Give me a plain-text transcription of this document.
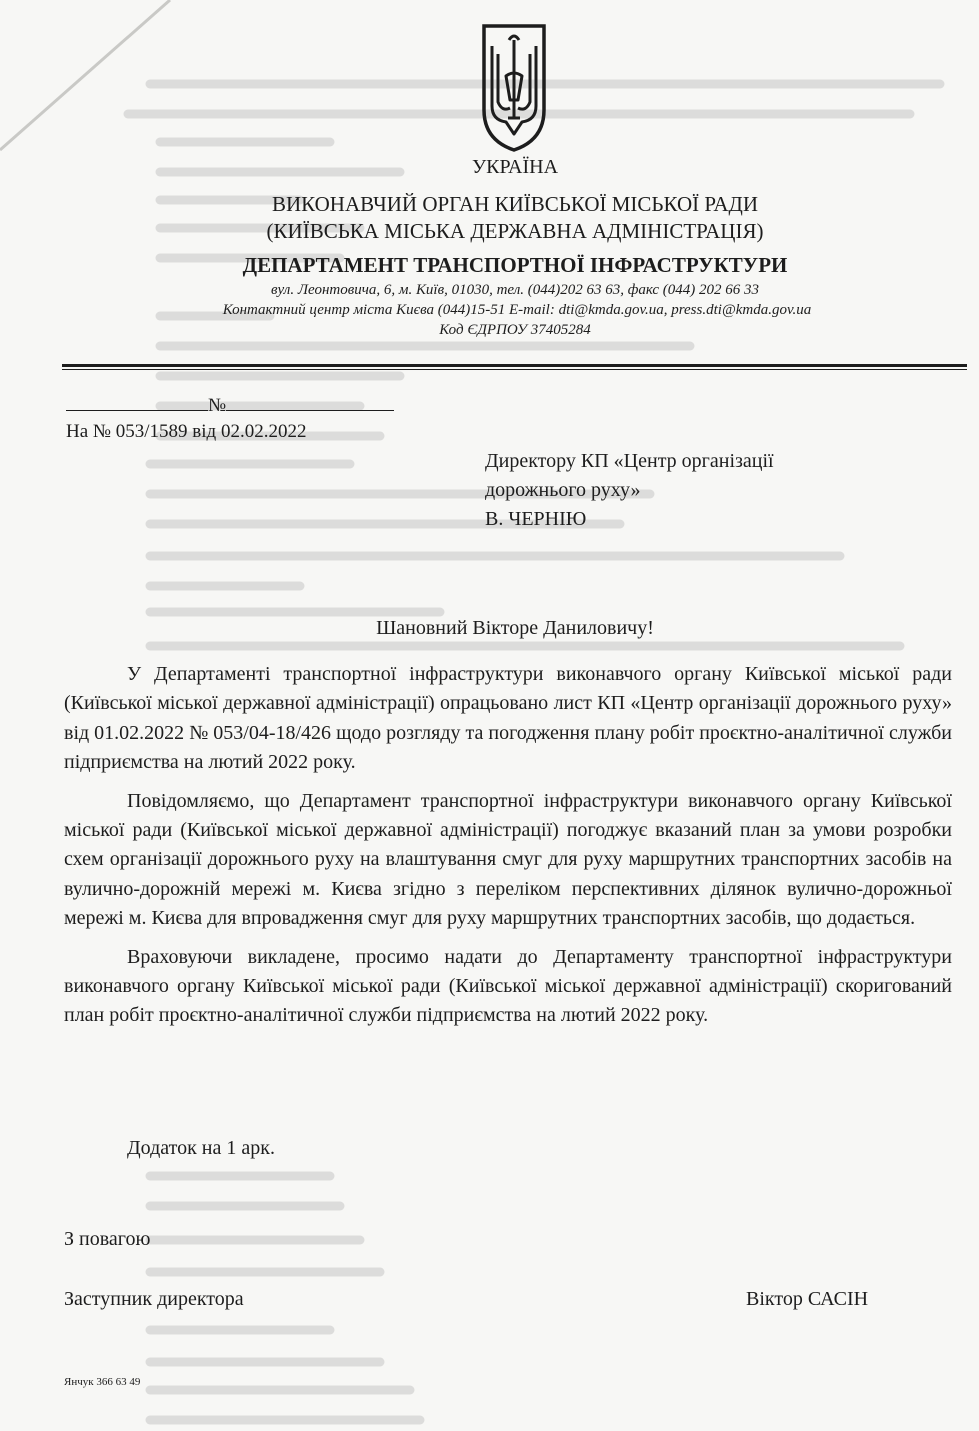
УКРАЇНА
ВИКОНАВЧИЙ ОРГАН КИЇВСЬКОЇ МІСЬКОЇ РАДИ
(КИЇВСЬКА МІСЬКА ДЕРЖАВНА АДМІНІСТРАЦІЯ)
ДЕПАРТАМЕНТ ТРАНСПОРТНОЇ ІНФРАСТРУКТУРИ
вул. Леонтовича, 6, м. Київ, 01030, тел. (044)202 63 63, факс (044) 202 66 33
Контактний центр міста Києва (044)15-51 E-mail: dti@kmda.gov.ua, press.dti@kmda.gov.ua
Код ЄДРПОУ 37405284
№
На № 053/1589 від 02.02.2022
Директору КП «Центр організації
дорожнього руху»
В. ЧЕРНІЮ
Шановний Вікторе Даниловичу!

У Департаменті транспортної інфраструктури виконавчого органу Київської міської ради (Київської міської державної адміністрації) опрацьовано лист КП «Центр організації дорожнього руху» від 01.02.2022 № 053/04-18/426 щодо розгляду та погодження плану робіт проєктно-аналітичної служби підприємства на лютий 2022 року.

Повідомляємо, що Департамент транспортної інфраструктури виконавчого органу Київської міської ради (Київської міської державної адміністрації) погоджує вказаний план за умови розробки схем організації дорожнього руху на влаштування смуг для руху маршрутних транспортних засобів на вулично-дорожній мережі м. Києва згідно з переліком перспективних ділянок вулично-дорожньої мережі м. Києва для впровадження смуг для руху маршрутних транспортних засобів, що додається.

Враховуючи викладене, просимо надати до Департаменту транспортної інфраструктури виконавчого органу Київської міської ради (Київської міської державної адміністрації) скоригований план робіт проєктно-аналітичної служби підприємства на лютий 2022 року.

Додаток на 1 арк.
З повагою
Заступник директора	Віктор САСІН
Янчук 366 63 49
